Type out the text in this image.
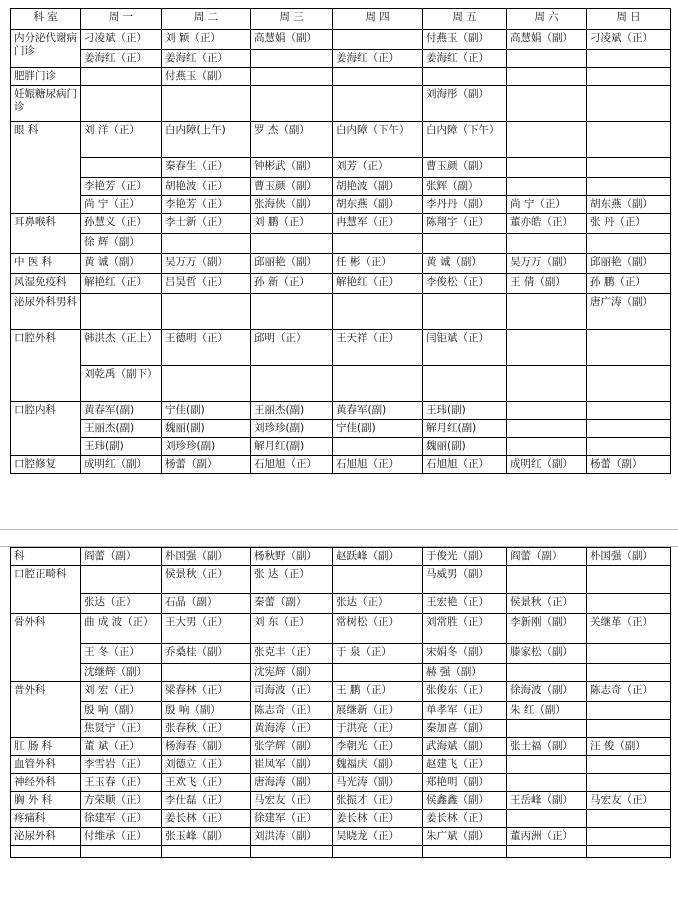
科 室	周 一	周 二	周 三	周 四	周 五	周 六	周 日
内分泌代谢病门诊	刁凌斌（正）	刘 颖（正）	高慧娟（副）		付燕玉（副）	高慧娟（副）	刁凌斌（正）
	姜海红（正）	姜海红（正）		姜海红（正）	姜海红（正）		
肥胖门诊		付燕玉（副）					
妊娠糖尿病门诊					刘海彤（副）		
眼 科	刘 洋（正）	白内障(上午)	罗 杰（副）	白内障（下午）	白内障（下午）		
		秦春生（正）	钟彬武（副）	刘芳（正）	曹玉颜（副）		
	李艳芳（正）	胡艳波（正）	曹玉颜（副）	胡艳波（副）	张辉（副）		
	尚 宁（正）	李艳芳（正）	张海侠（副）	胡东燕（副）	李丹丹（副）	尚 宁（正）	胡东燕（副）
耳鼻喉科	孙慧义（正）	李士新（正）	刘 鹏（正）	冉慧军（正）	陈翔宇（正）	董亦皓（正）	张 丹（正）
	徐 辉（副）						
中 医 科	黄 诚（副）	吴万万（副）	邱丽艳（副）	任 彬（正）	黄 诚（副）	吴万万（副）	邱丽艳（副）
风湿免疫科	解艳红（正）	吕昊哲（正）	孙 新（正）	解艳红（正）	李俊松（正）	王 倩（副）	孙 鹏（正）
泌尿外科男科							唐广涛（副）
口腔外科	韩洪杰（正上）	王德明（正）	邱明（正）	王天祥（正）	闫钜斌（正）		
	刘乾禹（副下）						
口腔内科	黄春军(副)	宁佳(副)	王丽杰(副)	黄春军(副)	王玮(副)		
	王丽杰(副)	魏丽(副)	刘珍珍(副)	宁佳(副)	解月红(副)		
	王玮(副)	刘珍珍(副)	解月红(副)		魏丽(副)		
口腔修复	成明红（副）	杨蕾（副）	石旭旭（正）	石旭旭（正）	石旭旭（正）	成明红（副）	杨蕾（副）
科	阎蕾（副）	朴国强（副）	杨秋野（副）	赵跃峰（副）	于俊光（副）	阎蕾（副）	朴国强（副）
口腔正畸科		侯景秋（正）	张 达（正）		马威男（副）		
	张达（正）	石晶（副）	秦蕾（副）	张达（正）	王宏艳（正）	侯景秋（正）	
骨外科	曲 成 波（正）	王大男（正）	刘 东（正）	常树松（正）	刘常胜（正）	李新刚（副）	关继革（正）
	王 冬（正）	乔桑桂（副）	张克丰（正）	于 泉（正）	宋娟冬（副）	滕家松（副）	
	沈继辉（副）		沈宪辉（副）		赫 强（副）		
普外科	刘 宏（正）	梁春林（正）	司海波（正）	王 鹏（正）	张俊东（正）	徐海波（副）	陈志奇（正）
	殷 响（副）	殷 响（副）	陈志奇（正）	展继新（正）	单孝军（正）	朱 红（副）	
	焦贤宁（正）	张春秋（正）	黄海涛（正）	于洪亮（正）	秦加喜（副）		
肛 肠 科	董 斌（正）	杨海春（副）	张学辉（副）	李朝光（正）	武海斌（副）	张士福（副）	汪 俊（副）
血管外科	李雪岩（正）	刘德立（正）	崔凤军（副）	魏福庆（副）	赵建飞（正）		
神经外科	王玉春（正）	王欢飞（正）	唐海涛（副）	马光涛（副）	郑艳明（副）		
胸 外 科	方荣顺（正）	李仕磊（正）	马宏友（正）	张振才（正）	侯鑫鑫（副）	王岳峰（副）	马宏友（正）
疼痛科	徐建军（正）	姜长林（正）	徐建军（正）	姜长林（正）	姜长林（正）		
泌尿外科	付维承（正）	张玉峰（副）	刘洪涛（副）	吴晓龙（正）	朱广斌（副）	董丙洲（正）	
